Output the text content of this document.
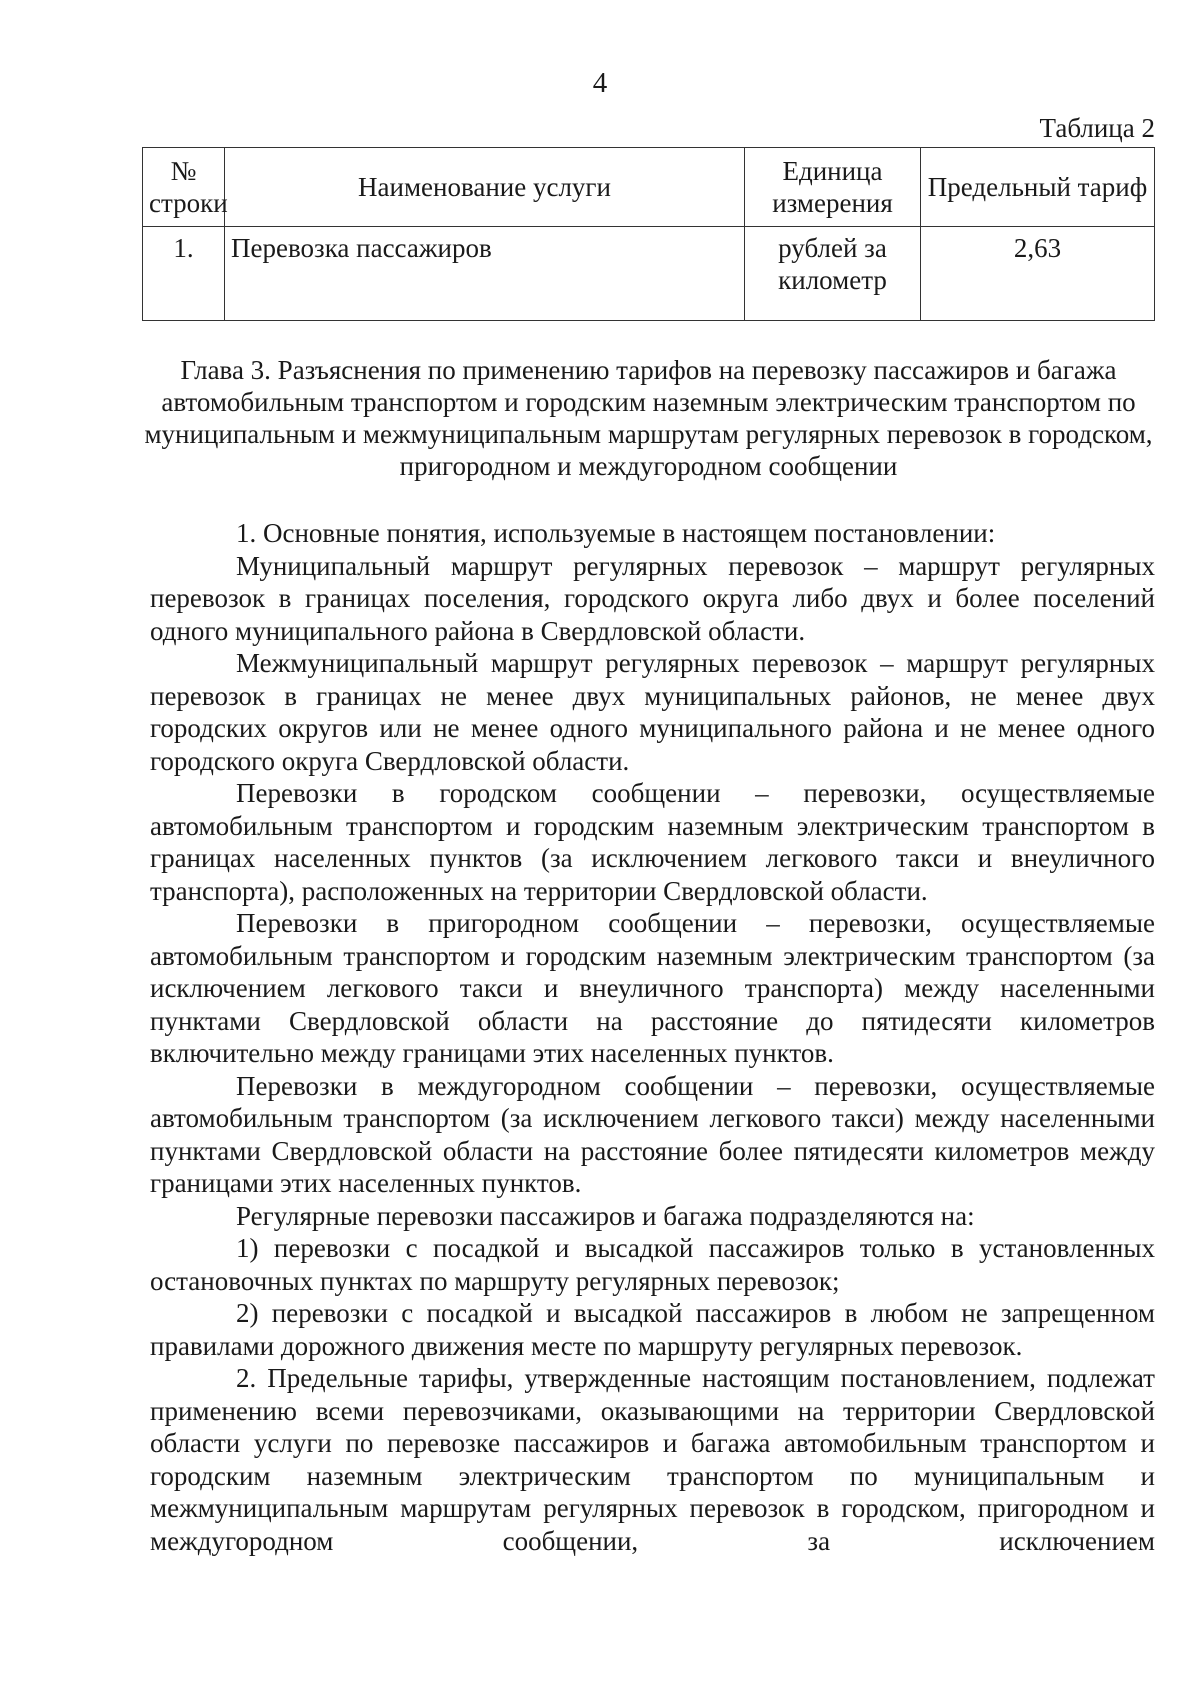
4
Таблица 2
№ строки	Наименование услуги	Единица измерения	Предельный тариф
1.	Перевозка пассажиров	рублей за километр	2,63
Глава 3. Разъяснения по применению тарифов на перевозку пассажиров и багажа автомобильным транспортом и городским наземным электрическим транспортом по муниципальным и межмуниципальным маршрутам регулярных перевозок в городском, пригородном и междугородном сообщении

1. Основные понятия, используемые в настоящем постановлении:

Муниципальный маршрут регулярных перевозок – маршрут регулярных перевозок в границах поселения, городского округа либо двух и более поселений одного муниципального района в Свердловской области.

Межмуниципальный маршрут регулярных перевозок – маршрут регулярных перевозок в границах не менее двух муниципальных районов, не менее двух городских округов или не менее одного муниципального района и не менее одного городского округа Свердловской области.

Перевозки в городском сообщении – перевозки, осуществляемые автомобильным транспортом и городским наземным электрическим транспортом в границах населенных пунктов (за исключением легкового такси и внеуличного транспорта), расположенных на территории Свердловской области.

Перевозки в пригородном сообщении – перевозки, осуществляемые автомобильным транспортом и городским наземным электрическим транспортом (за исключением легкового такси и внеуличного транспорта) между населенными пунктами Свердловской области на расстояние до пятидесяти километров включительно между границами этих населенных пунктов.

Перевозки в междугородном сообщении – перевозки, осуществляемые автомобильным транспортом (за исключением легкового такси) между населенными пунктами Свердловской области на расстояние более пятидесяти километров между границами этих населенных пунктов.

Регулярные перевозки пассажиров и багажа подразделяются на:

1) перевозки с посадкой и высадкой пассажиров только в установленных остановочных пунктах по маршруту регулярных перевозок;

2) перевозки с посадкой и высадкой пассажиров в любом не запрещенном правилами дорожного движения месте по маршруту регулярных перевозок.

2. Предельные тарифы, утвержденные настоящим постановлением, подлежат применению всеми перевозчиками, оказывающими на территории Свердловской области услуги по перевозке пассажиров и багажа автомобильным транспортом и городским наземным электрическим транспортом по муниципальным и межмуниципальным маршрутам регулярных перевозок в городском, пригородном и междугородном сообщении, за исключением
